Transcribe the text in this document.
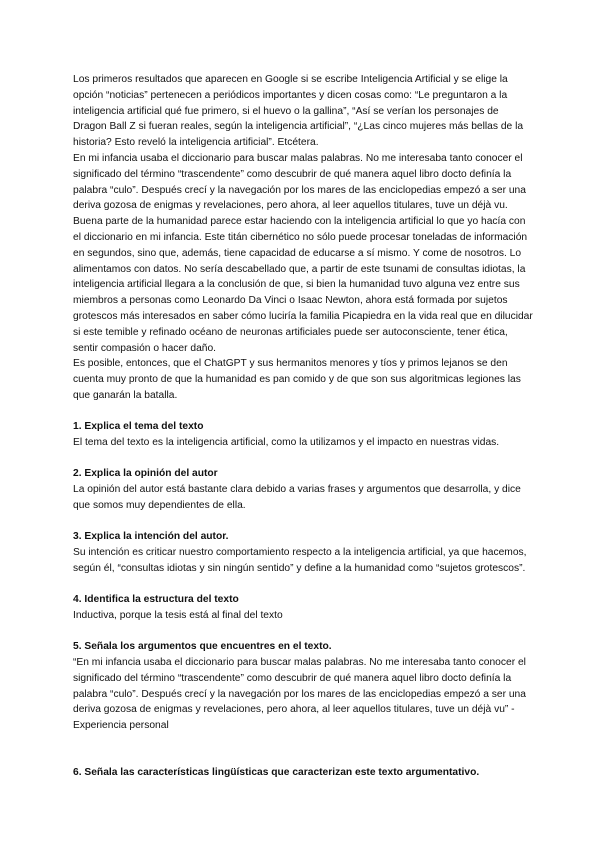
Los primeros resultados que aparecen en Google si se escribe Inteligencia Artificial y se elige la opción “noticias” pertenecen a periódicos importantes y dicen cosas como: “Le preguntaron a la inteligencia artificial qué fue primero, si el huevo o la gallina”, “Así se verían los personajes de Dragon Ball Z si fueran reales, según la inteligencia artificial”, “¿Las cinco mujeres más bellas de la historia? Esto reveló la inteligencia artificial”. Etcétera.

En mi infancia usaba el diccionario para buscar malas palabras. No me interesaba tanto conocer el significado del término “trascendente” como descubrir de qué manera aquel libro docto definía la palabra “culo”. Después crecí y la navegación por los mares de las enciclopedias empezó a ser una deriva gozosa de enigmas y revelaciones, pero ahora, al leer aquellos titulares, tuve un déjà vu. Buena parte de la humanidad parece estar haciendo con la inteligencia artificial lo que yo hacía con el diccionario en mi infancia. Este titán cibernético no sólo puede procesar toneladas de información en segundos, sino que, además, tiene capacidad de educarse a sí mismo. Y come de nosotros. Lo alimentamos con datos. No sería descabellado que, a partir de este tsunami de consultas idiotas, la inteligencia artificial llegara a la conclusión de que, si bien la humanidad tuvo alguna vez entre sus miembros a personas como Leonardo Da Vinci o Isaac Newton, ahora está formada por sujetos grotescos más interesados en saber cómo luciría la familia Picapiedra en la vida real que en dilucidar si este temible y refinado océano de neuronas artificiales puede ser autoconsciente, tener ética, sentir compasión o hacer daño.

Es posible, entonces, que el ChatGPT y sus hermanitos menores y tíos y primos lejanos se den cuenta muy pronto de que la humanidad es pan comido y de que son sus algoritmicas legiones las que ganarán la batalla.

1. Explica el tema del texto

El tema del texto es la inteligencia artificial, como la utilizamos y el impacto en nuestras vidas.

2. Explica la opinión del autor

La opinión del autor está bastante clara debido a varias frases y argumentos que desarrolla, y dice que somos muy dependientes de ella.

3. Explica la intención del autor.

Su intención es criticar nuestro comportamiento respecto a la inteligencia artificial, ya que hacemos, según él, “consultas idiotas y sin ningún sentido” y define a la humanidad como “sujetos grotescos”.

4. Identifica la estructura del texto

Inductiva, porque la tesis está al final del texto

5. Señala los argumentos que encuentres en el texto.

“En mi infancia usaba el diccionario para buscar malas palabras. No me interesaba tanto conocer el significado del término “trascendente” como descubrir de qué manera aquel libro docto definía la palabra “culo”. Después crecí y la navegación por los mares de las enciclopedias empezó a ser una deriva gozosa de enigmas y revelaciones, pero ahora, al leer aquellos titulares, tuve un déjà vu” - Experiencia personal

6. Señala las características lingüísticas que caracterizan este texto argumentativo.
